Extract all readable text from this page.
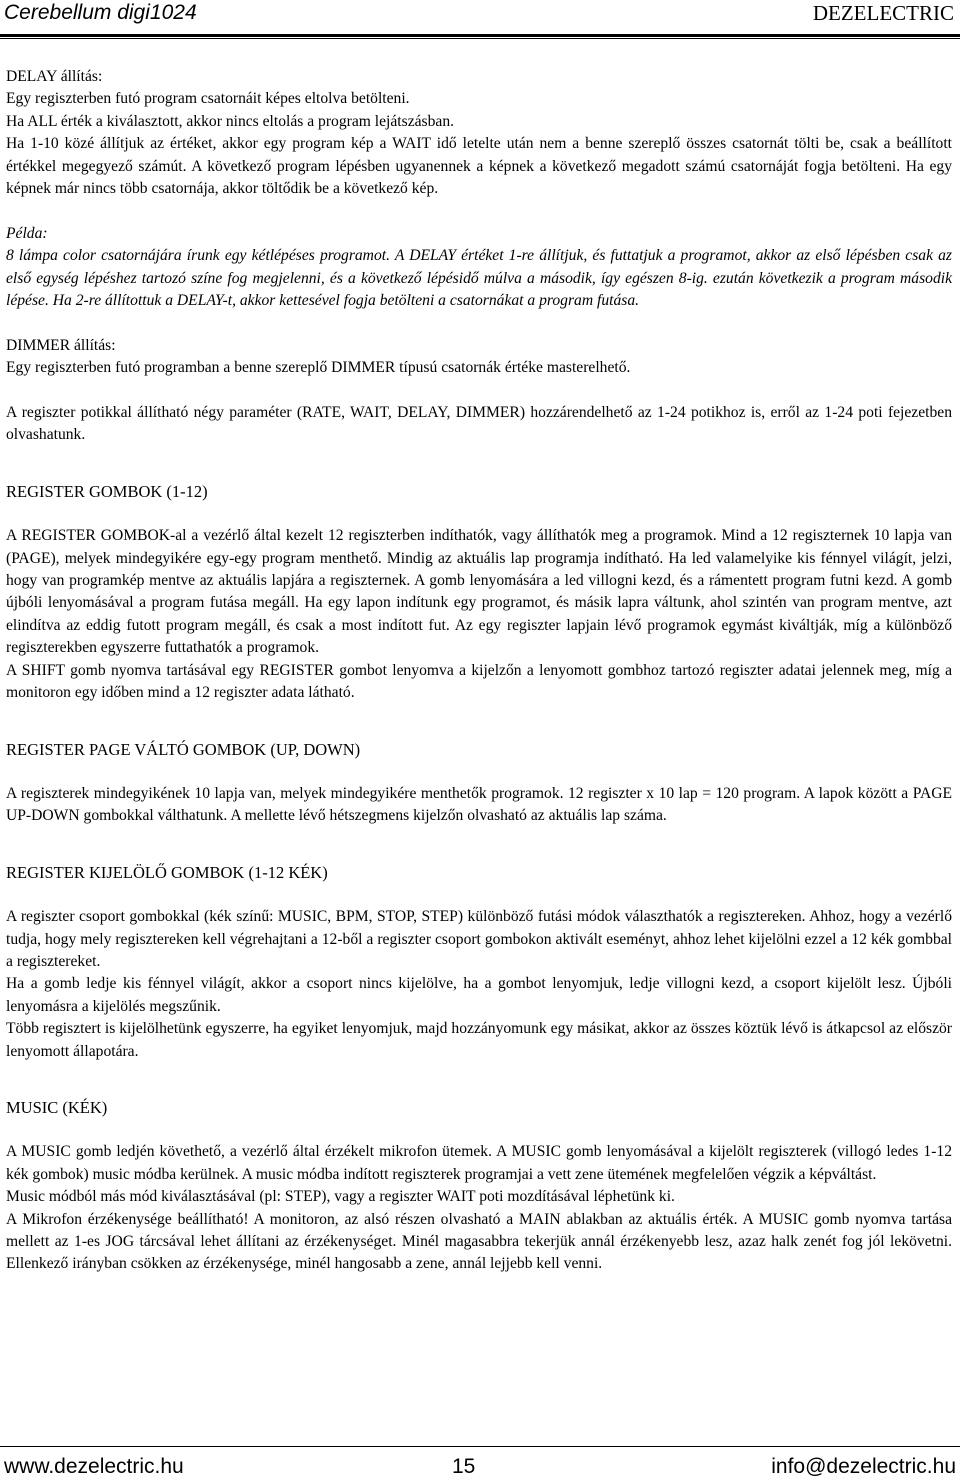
Cerebellum digi1024	DEZELECTRIC

DELAY állítás:

Egy regiszterben futó program csatornáit képes eltolva betölteni.

Ha ALL érték a kiválasztott, akkor nincs eltolás a program lejátszásban.

Ha 1-10 közé állítjuk az értéket, akkor egy program kép a WAIT idő letelte után nem a benne szereplő összes csatornát tölti be, csak a beállított értékkel megegyező számút. A következő program lépésben ugyanennek a képnek a következő megadott számú csatornáját fogja betölteni. Ha egy képnek már nincs több csatornája, akkor töltődik be a következő kép.

Példa:

8 lámpa color csatornájára írunk egy kétlépéses programot. A DELAY értéket 1-re állítjuk, és futtatjuk a programot, akkor az első lépésben csak az első egység lépéshez tartozó színe fog megjelenni, és a következő lépésidő múlva a második, így egészen 8-ig. ezután következik a program második lépése. Ha 2-re állítottuk a DELAY-t, akkor kettesével fogja betölteni a csatornákat a program futása.

DIMMER állítás:

Egy regiszterben futó programban a benne szereplő DIMMER típusú csatornák értéke masterelhető.

A regiszter potikkal állítható négy paraméter (RATE, WAIT, DELAY, DIMMER) hozzárendelhető az 1-24 potikhoz is, erről az 1-24 poti fejezetben olvashatunk.

REGISTER GOMBOK (1-12)

A REGISTER GOMBOK-al a vezérlő által kezelt 12 regiszterben indíthatók, vagy állíthatók meg a programok. Mind a 12 regiszternek 10 lapja van (PAGE), melyek mindegyikére egy-egy program menthető. Mindig az aktuális lap programja indítható. Ha led valamelyike kis fénnyel világít, jelzi, hogy van programkép mentve az aktuális lapjára a regiszternek. A gomb lenyomására a led villogni kezd, és a rámentett program futni kezd. A gomb újbóli lenyomásával a program futása megáll. Ha egy lapon indítunk egy programot, és másik lapra váltunk, ahol szintén van program mentve, azt elindítva az eddig futott program megáll, és csak a most indított fut. Az egy regiszter lapjain lévő programok egymást kiváltják, míg a különböző regiszterekben egyszerre futtathatók a programok.

A SHIFT gomb nyomva tartásával egy REGISTER gombot lenyomva a kijelzőn a lenyomott gombhoz tartozó regiszter adatai jelennek meg, míg a monitoron egy időben mind a 12 regiszter adata látható.

REGISTER PAGE VÁLTÓ GOMBOK (UP, DOWN)

A regiszterek mindegyikének 10 lapja van, melyek mindegyikére menthetők programok. 12 regiszter x 10 lap = 120 program. A lapok között a PAGE UP-DOWN gombokkal válthatunk. A mellette lévő hétszegmens kijelzőn olvasható az aktuális lap száma.

REGISTER KIJELÖLŐ GOMBOK (1-12 KÉK)

A regiszter csoport gombokkal (kék színű: MUSIC, BPM, STOP, STEP) különböző futási módok választhatók a regisztereken. Ahhoz, hogy a vezérlő tudja, hogy mely regisztereken kell végrehajtani a 12-ből a regiszter csoport gombokon aktivált eseményt, ahhoz lehet kijelölni ezzel a 12 kék gombbal a regisztereket.

Ha a gomb ledje kis fénnyel világít, akkor a csoport nincs kijelölve, ha a gombot lenyomjuk, ledje villogni kezd, a csoport kijelölt lesz. Újbóli lenyomásra a kijelölés megszűnik.

Több regisztert is kijelölhetünk egyszerre, ha egyiket lenyomjuk, majd hozzányomunk egy másikat, akkor az összes köztük lévő is átkapcsol az először lenyomott állapotára.

MUSIC (KÉK)

A MUSIC gomb ledjén követhető, a vezérlő által érzékelt mikrofon ütemek. A MUSIC gomb lenyomásával a kijelölt regiszterek (villogó ledes 1-12 kék gombok) music módba kerülnek. A music módba indított regiszterek programjai a vett zene ütemének megfelelően végzik a képváltást.

Music módból más mód kiválasztásával (pl: STEP), vagy a regiszter WAIT poti mozdításával léphetünk ki.

A Mikrofon érzékenysége beállítható! A monitoron, az alsó részen olvasható a MAIN ablakban az aktuális érték. A MUSIC gomb nyomva tartása mellett az 1-es JOG tárcsával lehet állítani az érzékenységet. Minél magasabbra tekerjük annál érzékenyebb lesz, azaz halk zenét fog jól lekövetni. Ellenkező irányban csökken az érzékenysége, minél hangosabb a zene, annál lejjebb kell venni.

www.dezelectric.hu	15	info@dezelectric.hu
